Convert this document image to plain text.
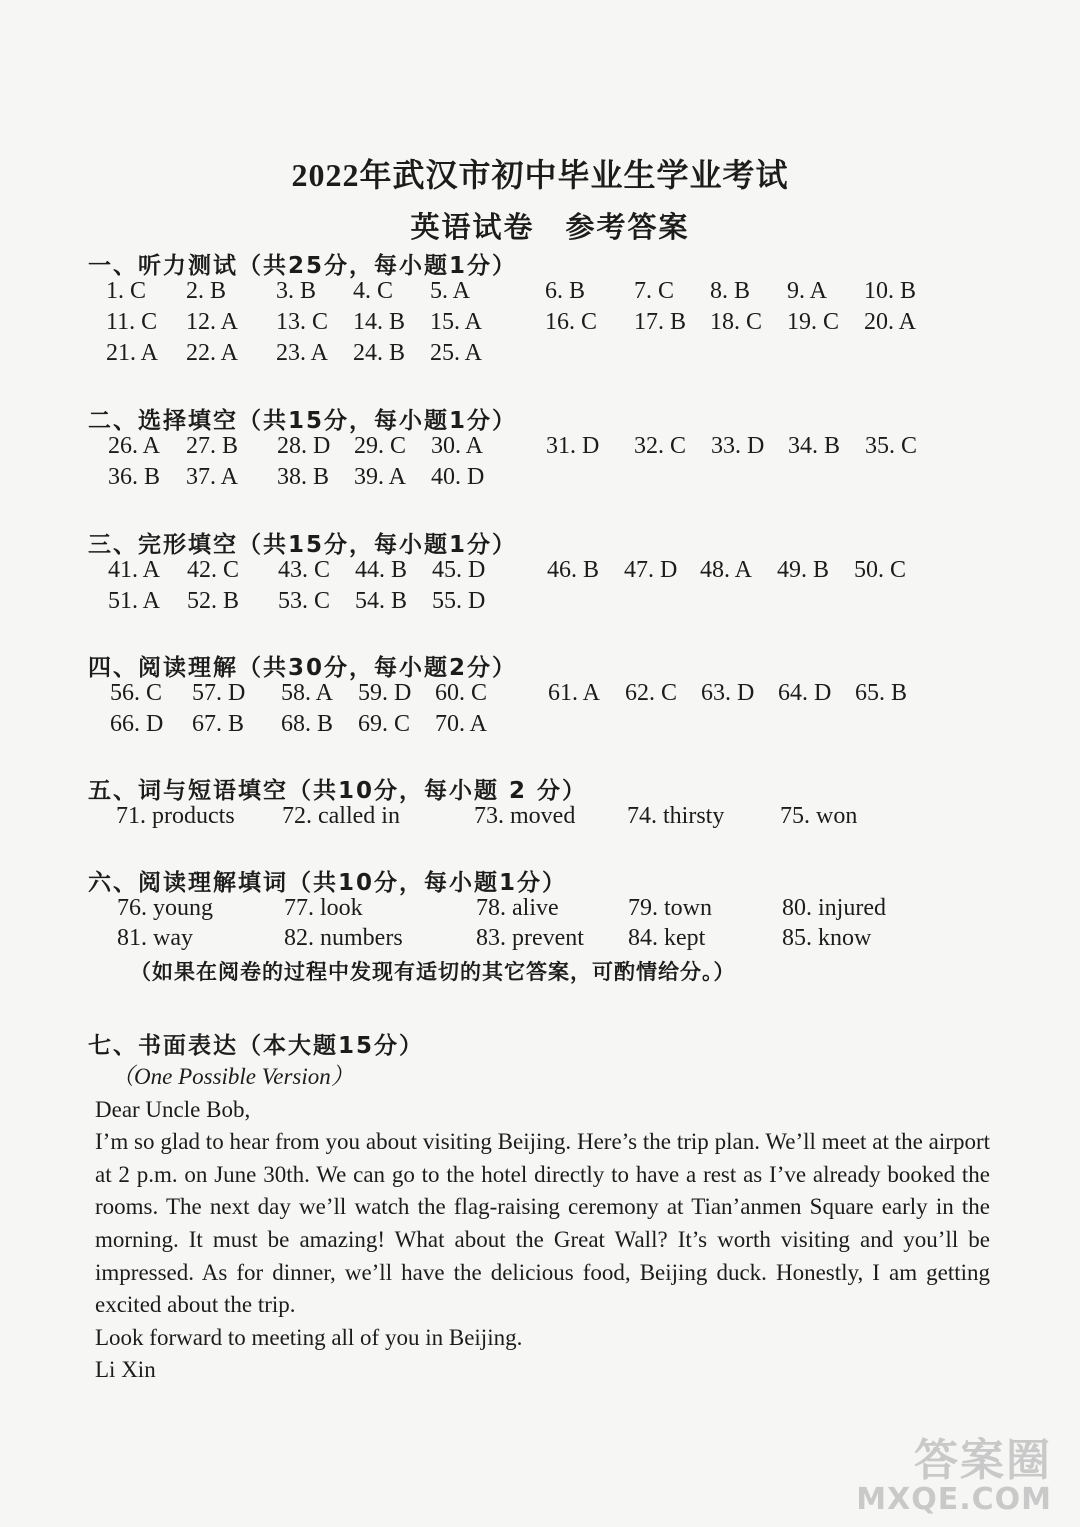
2022年武汉市初中毕业生学业考试
英语试卷　参考答案
一、听力测试（共25分，每小题1分）
1. C 2. B 3. B 4. C 5. A	6. B 7. C 8. B 9. A 10. B
11. C 12. A 13. C 14. B 15. A	16. C 17. B 18. C 19. C 20. A
21. A 22. A 23. A 24. B 25. A
二、选择填空（共15分，每小题1分）
26. A 27. B 28. D 29. C 30. A	31. D 32. C 33. D 34. B 35. C
36. B 37. A 38. B 39. A 40. D
三、完形填空（共15分，每小题1分）
41. A 42. C 43. C 44. B 45. D	46. B 47. D 48. A 49. B 50. C
51. A 52. B 53. C 54. B 55. D
四、阅读理解（共30分，每小题2分）
56. C 57. D 58. A 59. D 60. C	61. A 62. C 63. D 64. D 65. B
66. D 67. B 68. B 69. C 70. A
五、词与短语填空（共10分，每小题 2 分）
71. products 72. called in	73. moved 74. thirsty 75. won
六、阅读理解填词（共10分，每小题1分）
76. young	77. look	78. alive	79. town	80. injured
81. way	82. numbers	83. prevent 84. kept	85. know
（如果在阅卷的过程中发现有适切的其它答案，可酌情给分。）
七、书面表达（本大题15分）
（One Possible Version）
Dear Uncle Bob,

I’m so glad to hear from you about visiting Beijing. Here’s the trip plan. We’ll meet at the airport at 2 p.m. on June 30th. We can go to the hotel directly to have a rest as I’ve already booked the rooms. The next day we’ll watch the flag-raising ceremony at Tian’anmen Square early in the morning. It must be amazing! What about the Great Wall? It’s worth visiting and you’ll be impressed. As for dinner, we’ll have the delicious food, Beijing duck. Honestly, I am getting excited about the trip.

Look forward to meeting all of you in Beijing.
Li Xin
答案圈
MXQE.COM
